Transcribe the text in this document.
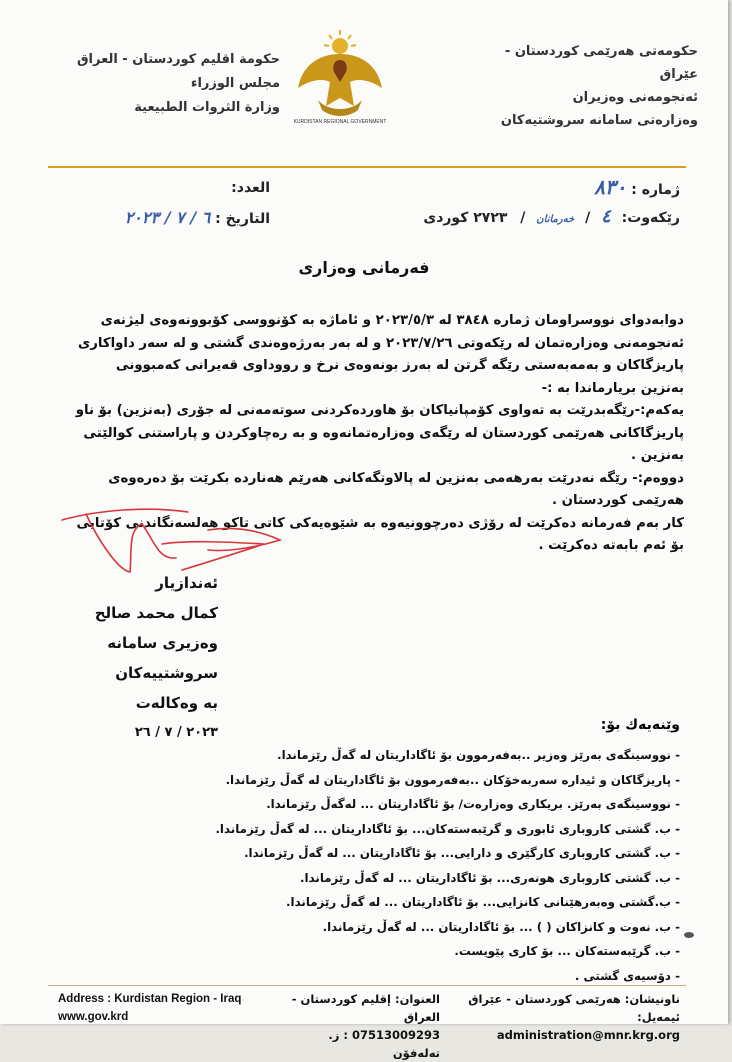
حكومەتی هەرێمی كوردستان - عێراق
ئەنجومەنی وەزیران
وەزارەتی سامانە سروشتیەكان
حكومة اقليم كوردستان - العراق
مجلس الوزراء
وزارة الثروات الطبيعية
KURDISTAN REGIONAL GOVERNMENT
ژمارە : ٨٣٠
رێكەوت: ٤ / خەرمانان / ٢٧٢٣ كوردی
العدد:
التاريخ : ٦ / ٧ / ٢٠٢٣
فەرمانی وەزاری

دوابەدوای نووسراومان ژمارە ٣٨٤٨ لە ٢٠٢٣/٥/٣ و ئاماژە بە كۆنووسی كۆبوونەوەی لیژنەی ئەنجومەنی وەزارەتمان لە رێكەوتی ٢٠٢٣/٧/٢٦ و لە بەر بەرژەوەندی گشتی و لە سەر داواكاری پاریزگاكان و بەمەبەستی رێگە گرتن لە بەرز بونەوەی نرخ و رووداوی قەیرانی كەمبوونی بەنزین بریارماندا بە :-

یەكەم:-رێگەبدرێت بە تەواوی كۆمپانیاكان بۆ هاوردەكردنی سوتەمەنی لە جۆری (بەنزین) بۆ ناو پاریزگاكانی هەرێمی كوردستان لە رێگەی وەزارەتمانەوە و بە رەچاوكردن و پاراستنی كوالێتی بەنزین .

دووەم:- رێگە نەدرێت بەرهەمی بەنزین لە پالاوتگەكانی هەرێم هەناردە بكرێت بۆ دەرەوەی هەرێمی كوردستان .

كار بەم فەرمانە دەكرێت لە رۆژی دەرچوونیەوە بە شێوەیەكی كاتی تاكو هەلسەنگاندنی كۆتایی بۆ ئەم بابەتە دەكرێت .

ئەندازیار
كمال محمد صالح
وەزیری سامانە سروشتییەكان
بە وەكالەت
٢٠٢٣ / ٧ / ٢٦	وێنەیەك بۆ:
- نووسینگەی بەرێز وەزیر ..بەفەرموون بۆ ئاگاداریتان لە گەڵ رێزماندا.
- پاریزگاكان و ئیدارە سەربەخۆكان ..بەفەرموون بۆ ئاگاداریتان لە گەڵ رێزماندا.
- نووسینگەی بەرێز. بریكاری وەزارەت/ بۆ ئاگاداریتان ... لەگەڵ رێزماندا.
- ب. گشتی كاروباری ئابوری و گرێبەستەكان... بۆ ئاگاداریتان ... لە گەڵ رێزماندا.
- ب. گشتی كاروباری كارگێری و دارایی... بۆ ئاگاداریتان ... لە گەڵ رێزماندا.
- ب. گشتی كاروباری هونەری... بۆ ئاگاداریتان ... لە گەڵ رێزماندا.
- ب.گشتی وەبەرهێنانی كانزایی... بۆ ئاگاداریتان ... لە گەڵ رێزماندا.
- ب. نەوت و كانزاكان ( ) ... بۆ ئاگاداریتان ... لە گەڵ رێزماندا.
- ب. گرێبەستەكان ... بۆ كاری پێویست.
- دۆسیەی گشتی .
Address : Kurdistan Region - Iraq
www.gov.krd
العنوان: إقليم كوردستان - العراق
07513009293 : ز. تەلەفۆن
ناونیشان: هەرێمی كوردستان - عێراق
ئیمەیل: administration@mnr.krg.org
